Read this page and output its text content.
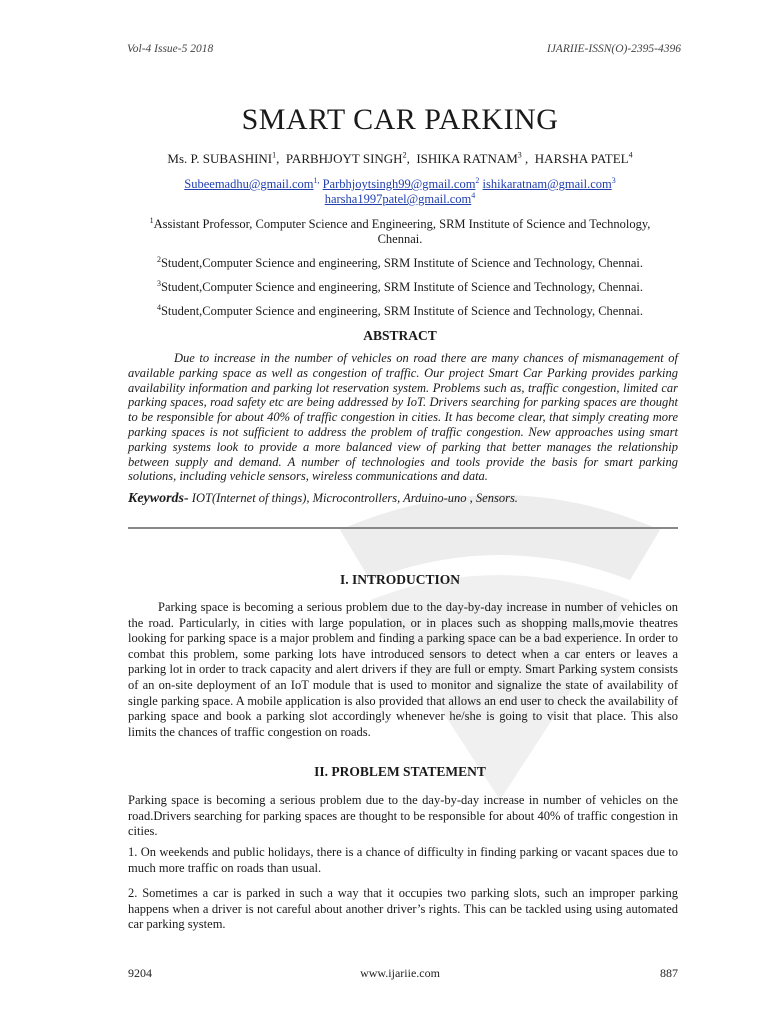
Vol-4 Issue-5 2018	IJARIIE-ISSN(O)-2395-4396
SMART CAR PARKING
Ms. P. SUBASHINI$^1$,  PARBHJOYT SINGH$^2$,  ISHIKA RATNAM$^3$ ,  HARSHA PATEL$^4$
Subeemadhu@gmail.com$^{1,}$ Parbhjoytsingh99@gmail.com$^2$ ishikaratnam@gmail.com$^3$
harsha1997patel@gmail.com$^4$
$^1$Assistant Professor, Computer Science and Engineering, SRM Institute of Science and Technology,
Chennai.
$^2$Student,Computer Science and engineering, SRM Institute of Science and Technology, Chennai.
$^3$Student,Computer Science and engineering, SRM Institute of Science and Technology, Chennai.
$^4$Student,Computer Science and engineering, SRM Institute of Science and Technology, Chennai.
ABSTRACT
Due to increase in the number of vehicles on road there are many chances of mismanagement of available parking space as well as congestion of traffic. Our project Smart Car Parking provides parking availability information and parking lot reservation system. Problems such as, traffic congestion, limited car parking spaces, road safety etc are being addressed by IoT. Drivers searching for parking spaces are thought to be responsible for about 40% of traffic congestion in cities. It has become clear, that simply creating more parking spaces is not sufficient to address the problem of traffic congestion. New approaches using smart parking systems look to provide a more balanced view of parking that better manages the relationship between supply and demand. A number of technologies and tools provide the basis for smart parking solutions, including vehicle sensors, wireless communications and data.
Keywords- IOT(Internet of things), Microcontrollers, Arduino-uno , Sensors.
I. INTRODUCTION
Parking space is becoming a serious problem due to the day-by-day increase in number of vehicles on the road. Particularly, in cities with large population, or in places such as shopping malls,movie theatres looking for parking space is a major problem and finding a parking space can be a bad experience. In order to combat this problem, some parking lots have introduced sensors to detect when a car enters or leaves a parking lot in order to track capacity and alert drivers if they are full or empty. Smart Parking system consists of an on-site deployment of an IoT module that is used to monitor and signalize the state of availability of single parking space. A mobile application is also provided that allows an end user to check the availability of parking space and book a parking slot accordingly whenever he/she is going to visit that place. This also limits the chances of traffic congestion on roads.
II. PROBLEM STATEMENT
Parking space is becoming a serious problem due to the day-by-day increase in number of vehicles on the road.Drivers searching for parking spaces are thought to be responsible for about 40% of traffic congestion in cities.
1. On weekends and public holidays, there is a chance of difficulty in finding parking or vacant spaces due to much more traffic on roads than usual.
2. Sometimes a car is parked in such a way that it occupies two parking slots, such an improper parking happens when a driver is not careful about another driver’s rights. This can be tackled using using automated car parking system.
9204	www.ijariie.com	887
